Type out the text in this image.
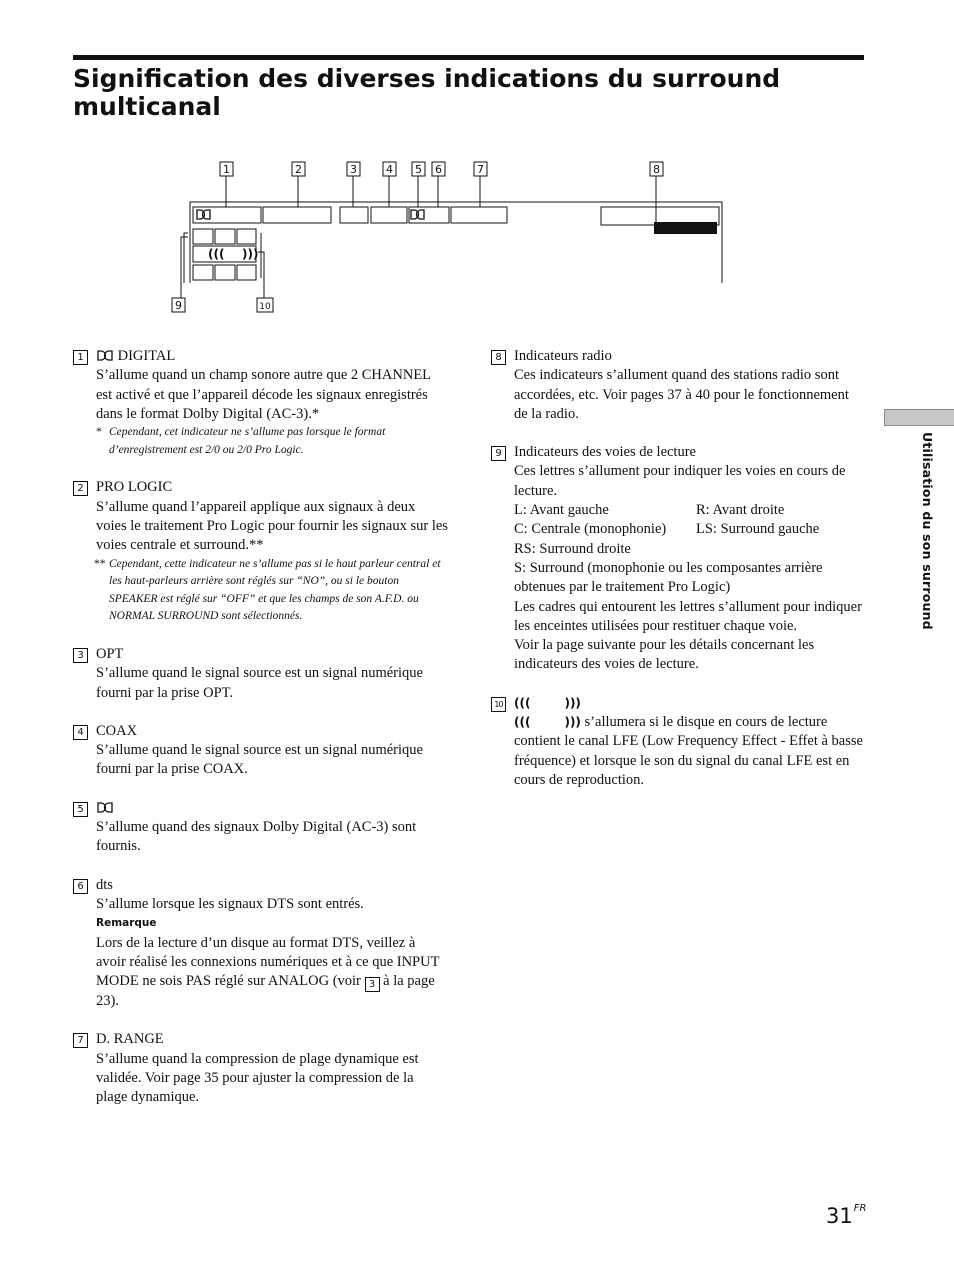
Signification des diverses indications du surround multicanal
1	2	3	4 5 6	7	8
9	10
((( )))
1	DIGITAL

S’allume quand un champ sonore autre que 2 CHANNEL est activé et que l’appareil décode les signaux enregistrés dans le format Dolby Digital (AC-3).*

* Cependant, cet indicateur ne s’allume pas lorsque le format d’enregistrement est 2/0 ou 2/0 Pro Logic.
2 PRO LOGIC

S’allume quand l’appareil applique aux signaux à deux voies le traitement Pro Logic pour fournir les signaux sur les voies centrale et surround.**

** Cependant, cette indicateur ne s’allume pas si le haut parleur central et les haut-parleurs arrière sont réglés sur “NO”, ou si le bouton SPEAKER est réglé sur “OFF” et que les champs de son A.F.D. ou NORMAL SURROUND sont sélectionnés.
3 OPT

S’allume quand le signal source est un signal numérique fourni par la prise OPT.

4 COAX

S’allume quand le signal source est un signal numérique fourni par la prise COAX.

5

S’allume quand des signaux Dolby Digital (AC-3) sont fournis.

6 dts

S’allume lorsque les signaux DTS sont entrés.

Remarque

Lors de la lecture d’un disque au format DTS, veillez à avoir réalisé les connexions numériques et à ce que INPUT MODE ne sois PAS réglé sur ANALOG (voir 3 à la page 23).

7 D. RANGE

S’allume quand la compression de plage dynamique est validée. Voir page 35 pour ajuster la compression de la plage dynamique.

8 Indicateurs radio

Ces indicateurs s’allument quand des stations radio sont accordées, etc. Voir pages 37 à 40 pour le fonctionnement de la radio.

9 Indicateurs des voies de lecture

Ces lettres s’allument pour indiquer les voies en cours de lecture.

L: Avant gauche	R: Avant droite

C: Centrale (monophonie)	LS: Surround gauche

RS: Surround droite

S: Surround (monophonie ou les composantes arrière obtenues par le traitement Pro Logic)

Les cadres qui entourent les lettres s’allument pour indiquer les enceintes utilisées pour restituer chaque voie.

Voir la page suivante pour les détails concernant les indicateurs des voies de lecture.

10 (((	)))

(((	))) s’allumera si le disque en cours de lecture contient le canal LFE (Low Frequency Effect - Effet à basse fréquence) et lorsque le son du signal du canal LFE est en cours de reproduction.

Utilisation du son surround
$31^{FR}$
